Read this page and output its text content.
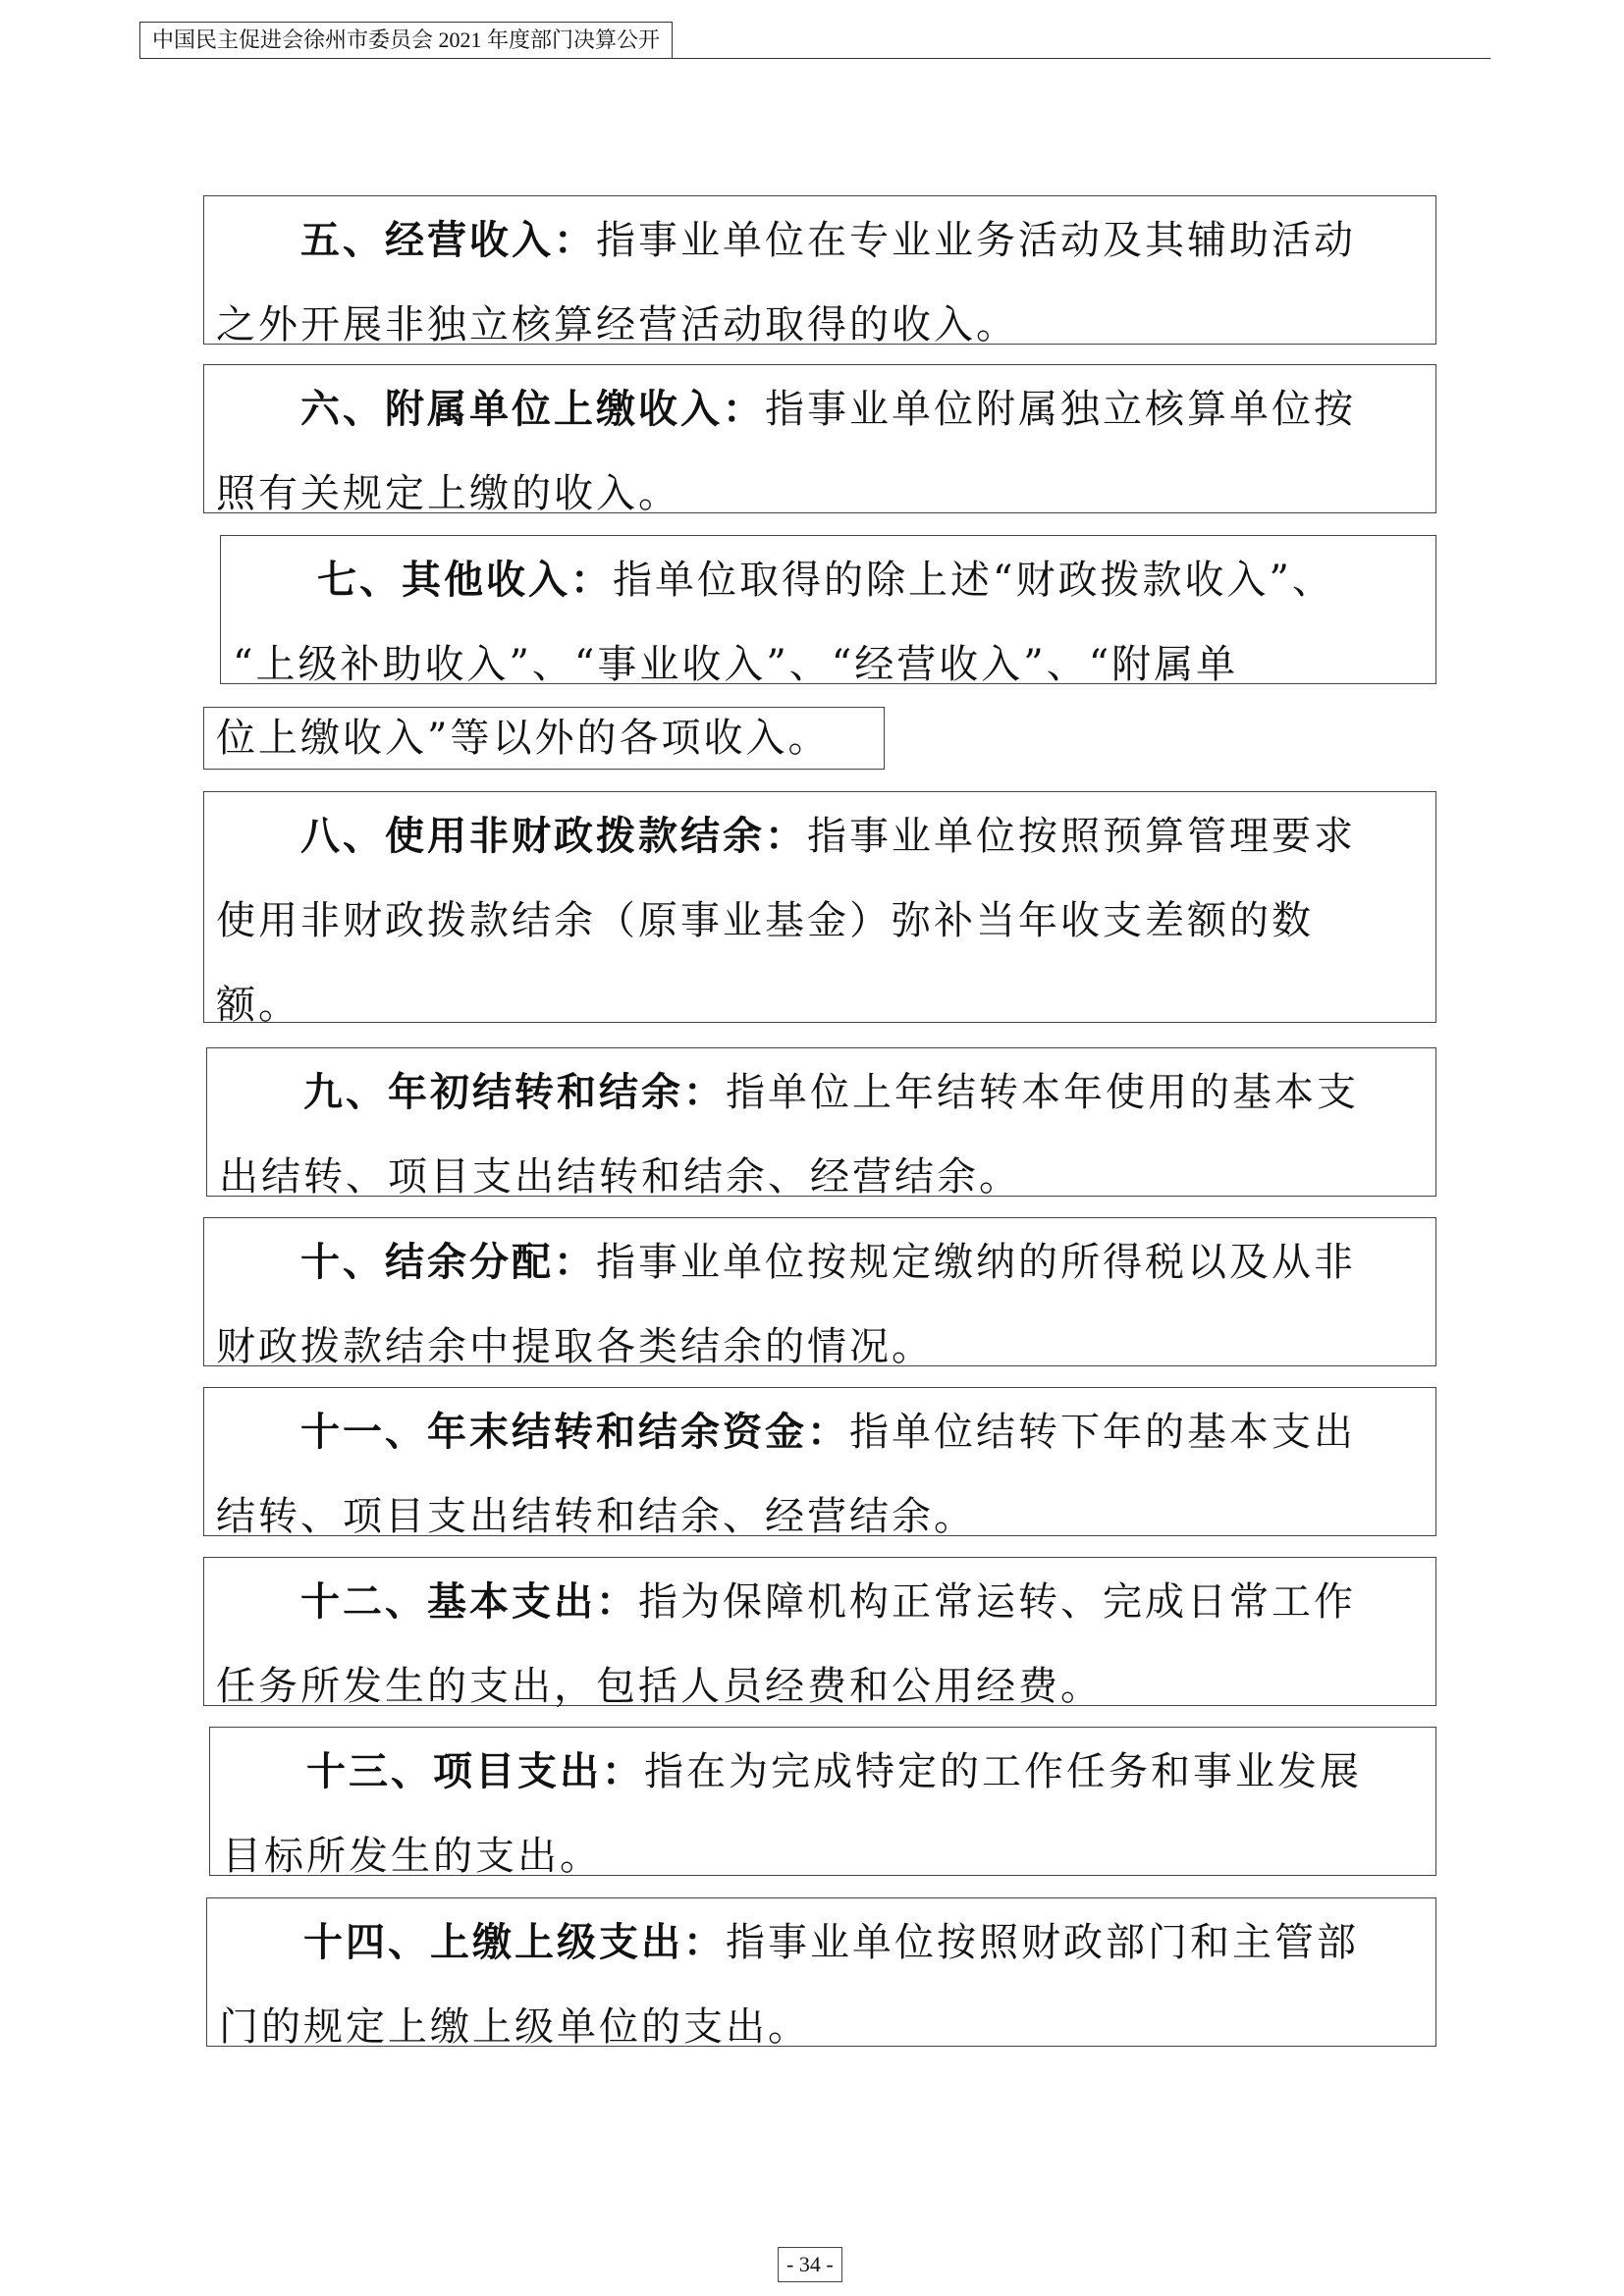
中国民主促进会徐州市委员会 2021 年度部门决算公开
五、经营收入：指事业单位在专业业务活动及其辅助活动
之外开展非独立核算经营活动取得的收入。
六、附属单位上缴收入：指事业单位附属独立核算单位按
照有关规定上缴的收入。
七、其他收入：指单位取得的除上述“财政拨款收入”、
“上级补助收入”、“事业收入”、“经营收入”、“附属单
位上缴收入”等以外的各项收入。
八、使用非财政拨款结余：指事业单位按照预算管理要求
使用非财政拨款结余（原事业基金）弥补当年收支差额的数
额。
九、年初结转和结余：指单位上年结转本年使用的基本支
出结转、项目支出结转和结余、经营结余。
十、结余分配：指事业单位按规定缴纳的所得税以及从非
财政拨款结余中提取各类结余的情况。
十一、年末结转和结余资金：指单位结转下年的基本支出
结转、项目支出结转和结余、经营结余。
十二、基本支出：指为保障机构正常运转、完成日常工作
任务所发生的支出，包括人员经费和公用经费。
十三、项目支出：指在为完成特定的工作任务和事业发展
目标所发生的支出。
十四、上缴上级支出：指事业单位按照财政部门和主管部
门的规定上缴上级单位的支出。
- 34 -
